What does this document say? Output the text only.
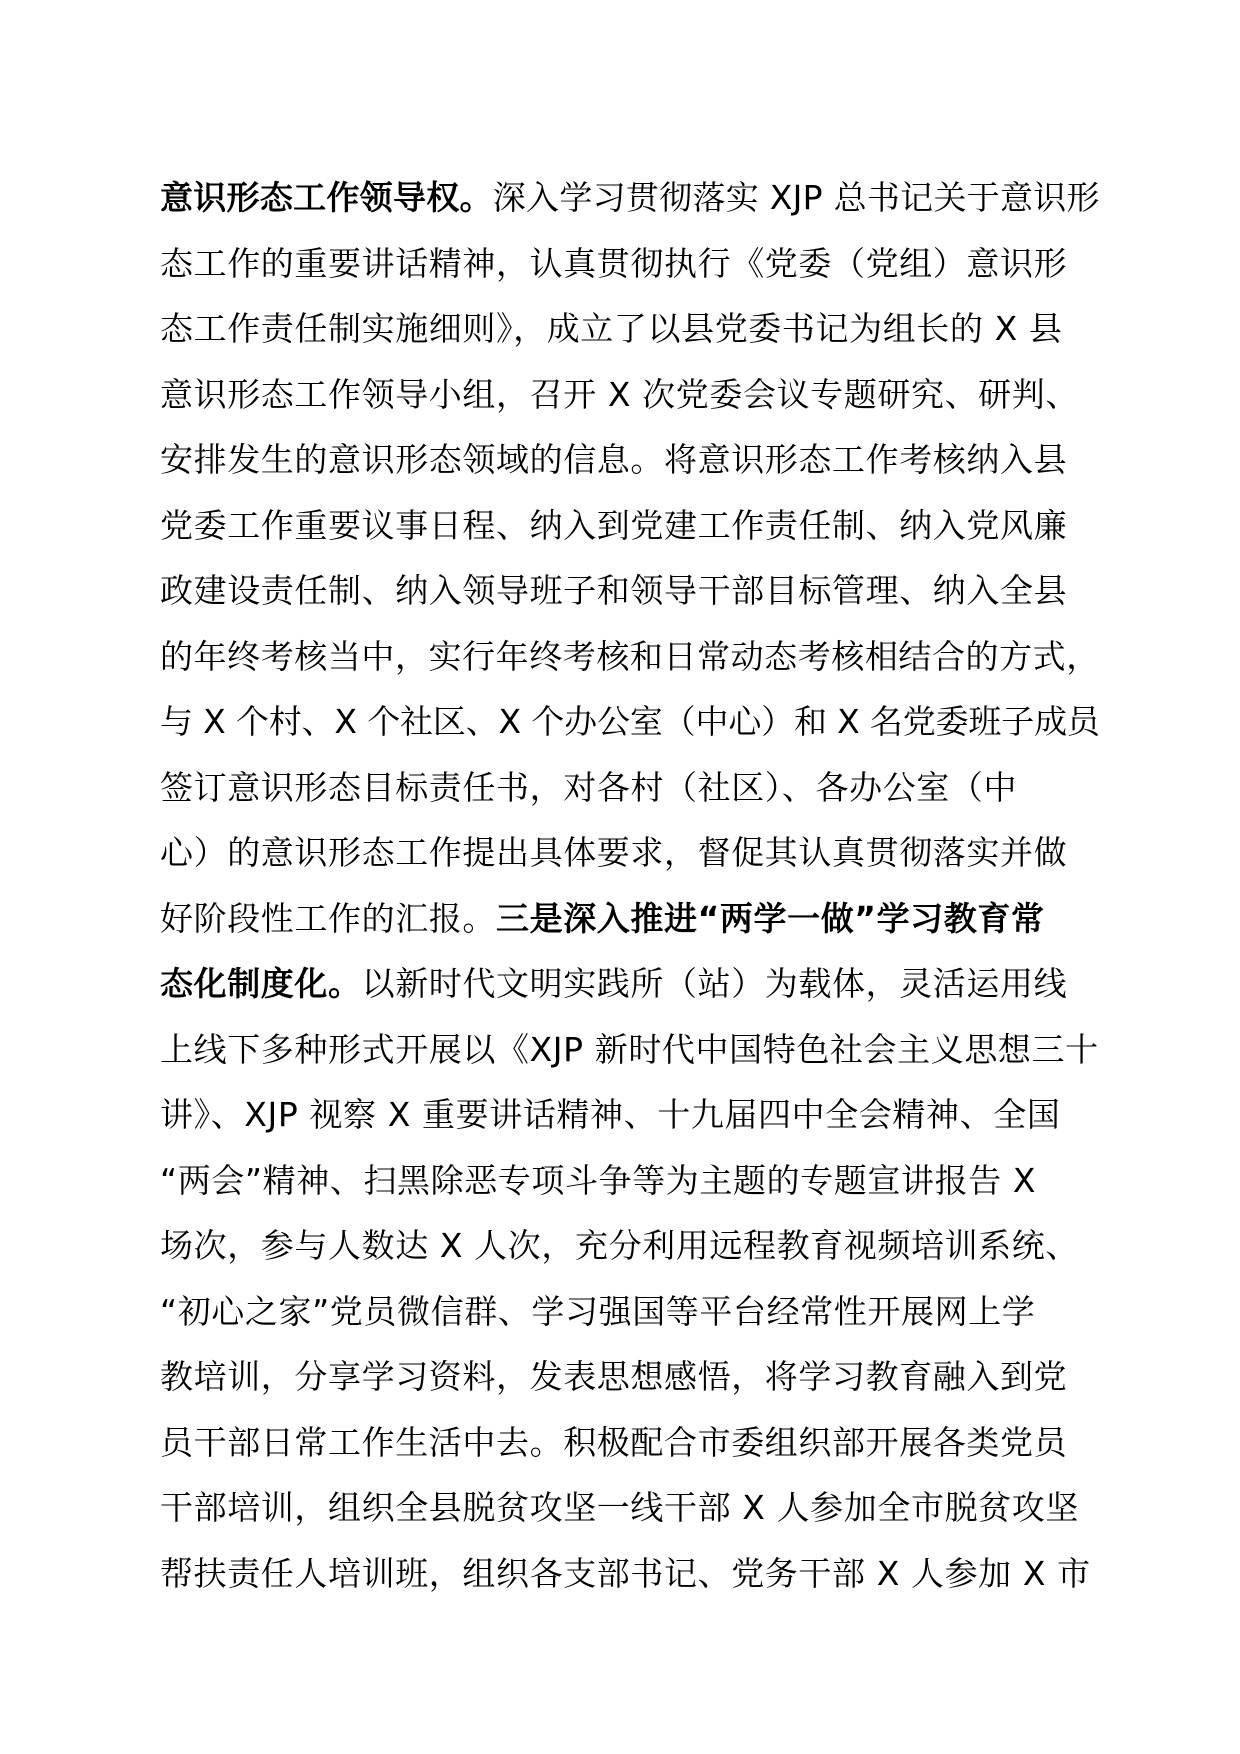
意识形态工作领导权。深入学习贯彻落实 XJP 总书记关于意识形
态工作的重要讲话精神，认真贯彻执行《党委（党组）意识形
态工作责任制实施细则》，成立了以县党委书记为组长的 X 县
意识形态工作领导小组，召开 X 次党委会议专题研究、研判、
安排发生的意识形态领域的信息。将意识形态工作考核纳入县
党委工作重要议事日程、纳入到党建工作责任制、纳入党风廉
政建设责任制、纳入领导班子和领导干部目标管理、纳入全县
的年终考核当中，实行年终考核和日常动态考核相结合的方式，
与 X 个村、X 个社区、X 个办公室（中心）和 X 名党委班子成员
签订意识形态目标责任书，对各村（社区）、各办公室（中
心）的意识形态工作提出具体要求，督促其认真贯彻落实并做
好阶段性工作的汇报。三是深入推进“两学一做”学习教育常
态化制度化。以新时代文明实践所（站）为载体，灵活运用线
上线下多种形式开展以《XJP 新时代中国特色社会主义思想三十
讲》、XJP 视察 X 重要讲话精神、十九届四中全会精神、全国
“两会”精神、扫黑除恶专项斗争等为主题的专题宣讲报告 X
场次，参与人数达 X 人次，充分利用远程教育视频培训系统、
“初心之家”党员微信群、学习强国等平台经常性开展网上学
教培训，分享学习资料，发表思想感悟，将学习教育融入到党
员干部日常工作生活中去。积极配合市委组织部开展各类党员
干部培训，组织全县脱贫攻坚一线干部 X 人参加全市脱贫攻坚
帮扶责任人培训班，组织各支部书记、党务干部 X 人参加 X 市
